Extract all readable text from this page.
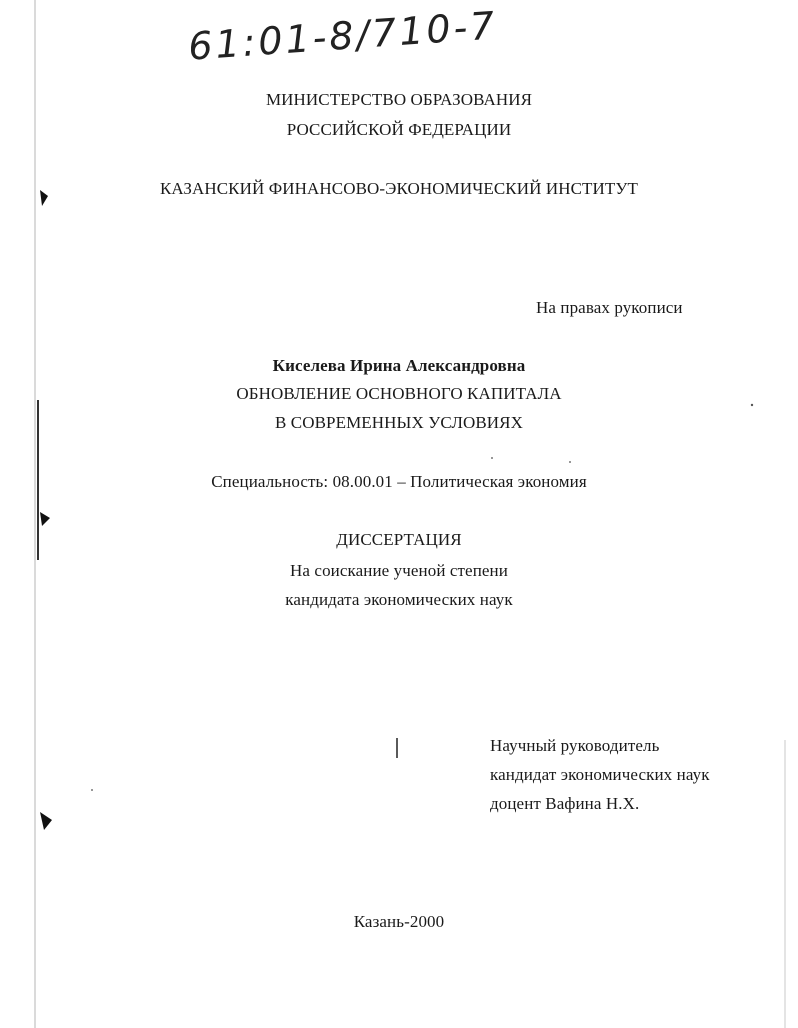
61:01-8/710-7
МИНИСТЕРСТВО ОБРАЗОВАНИЯ
РОССИЙСКОЙ ФЕДЕРАЦИИ
КАЗАНСКИЙ ФИНАНСОВО-ЭКОНОМИЧЕСКИЙ ИНСТИТУТ
На правах рукописи
Киселева Ирина Александровна
ОБНОВЛЕНИЕ ОСНОВНОГО КАПИТАЛА
В СОВРЕМЕННЫХ УСЛОВИЯХ
Специальность: 08.00.01 – Политическая экономия
ДИССЕРТАЦИЯ
На соискание ученой степени
кандидата экономических наук
Научный руководитель
кандидат экономических наук
доцент Вафина Н.Х.
Казань-2000
